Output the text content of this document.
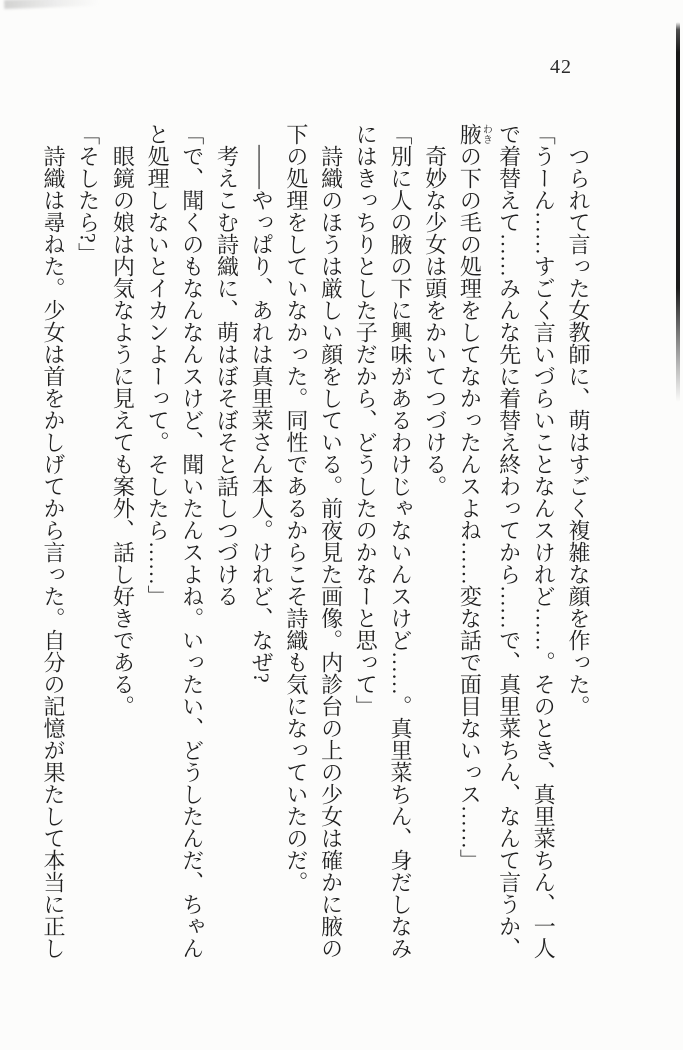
42
つられて言った女教師に、萌はすごく複雑な顔を作った。
「うーん……すごく言いづらいことなんスけれど……。そのとき、真里菜ちん、一人
で着替えて……みんな先に着替え終わってから……で、真里菜ちん、なんて言うか、
腋わきの下の毛の処理をしてなかったんスよね……変な話で面目ないっス……」
奇妙な少女は頭をかいてつづける。
「別に人の腋の下に興味があるわけじゃないんスけど……。真里菜ちん、身だしなみ
にはきっちりとした子だから、どうしたのかなーと思って」
詩織のほうは厳しい顔をしている。前夜見た画像。内診台の上の少女は確かに腋の
下の処理をしていなかった。同性であるからこそ詩織も気になっていたのだ。
――やっぱり、あれは真里菜さん本人。けれど、なぜ?
考えこむ詩織に、萌はぼそぼそと話しつづける
「で、聞くのもなんなんスけど、聞いたんスよね。いったい、どうしたんだ、ちゃん
と処理しないとイカンよーって。そしたら……」
眼鏡の娘は内気なように見えても案外、話し好きである。
「そしたら?」
詩織は尋ねた。少女は首をかしげてから言った。自分の記憶が果たして本当に正し
